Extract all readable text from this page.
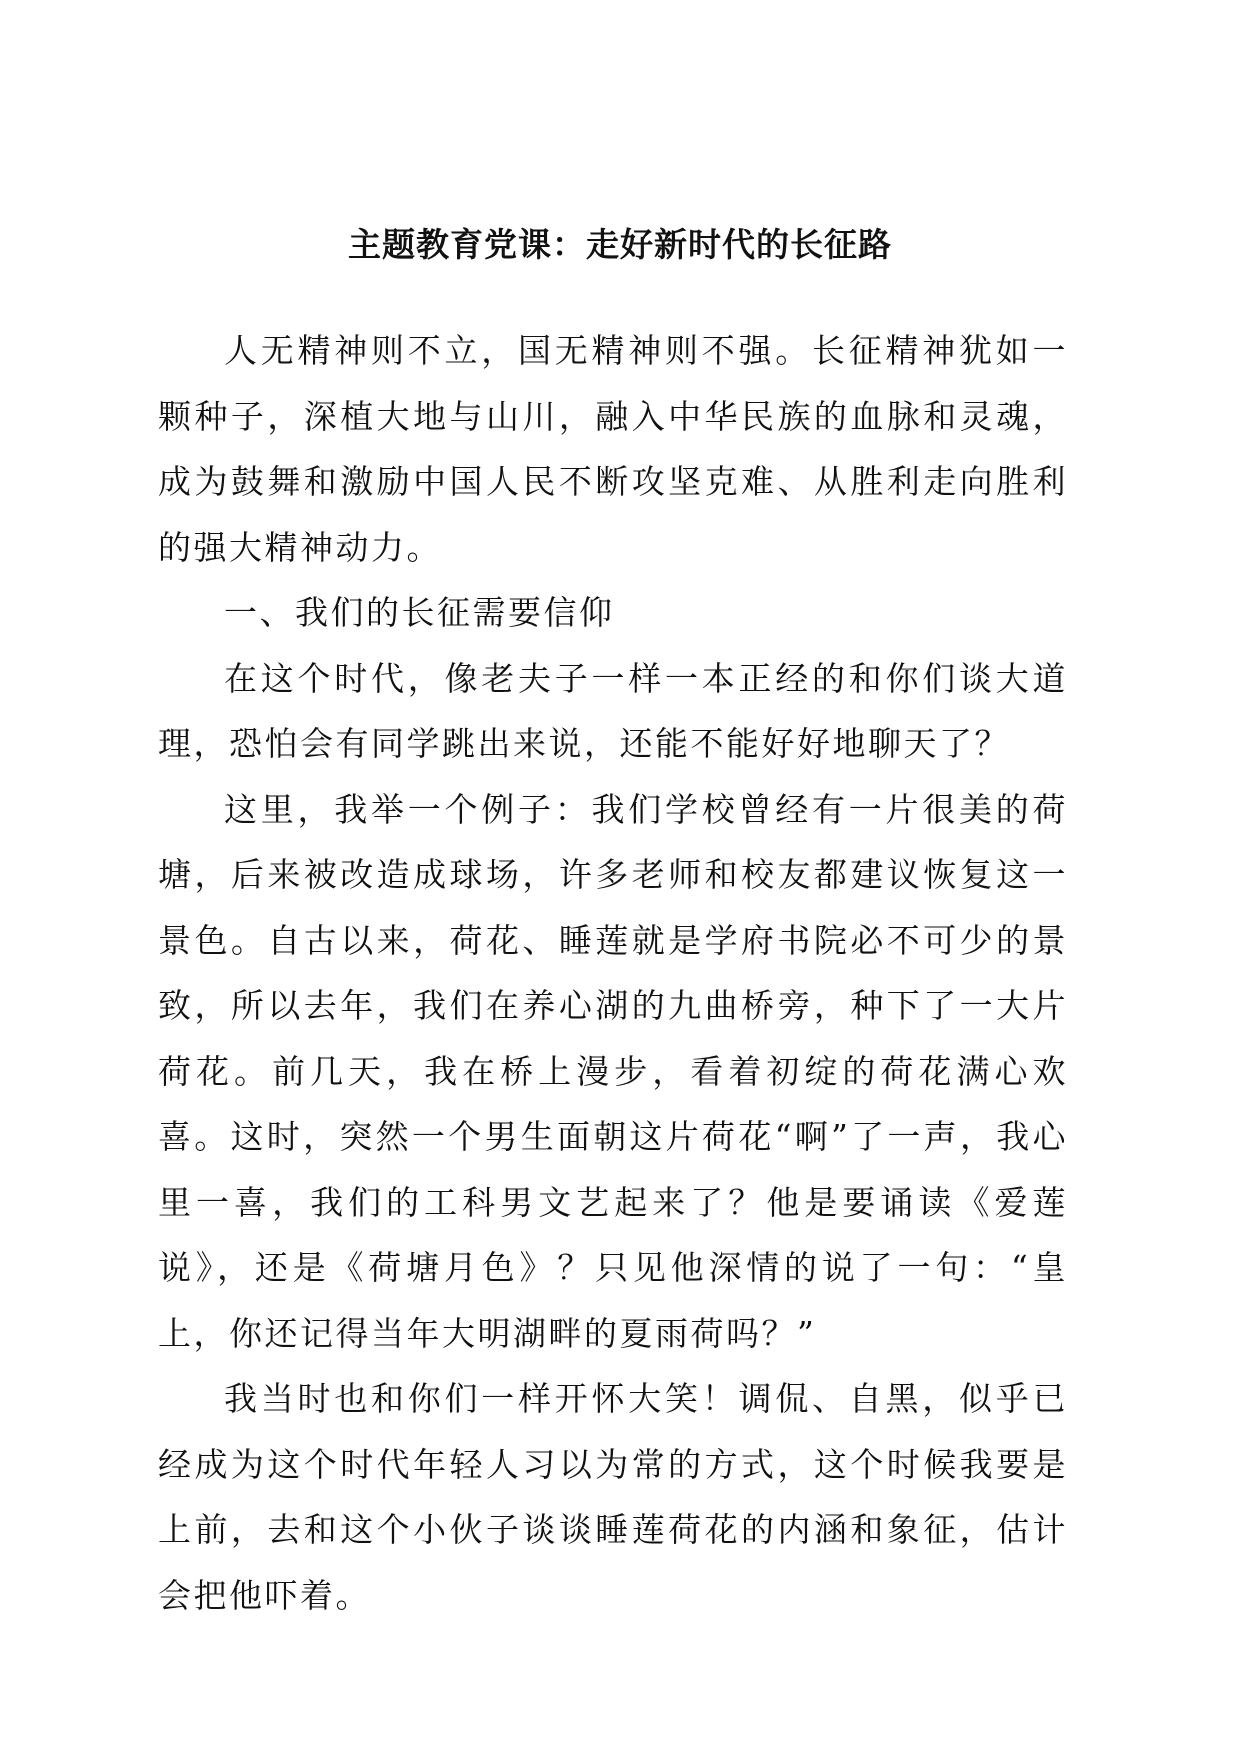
主题教育党课：走好新时代的长征路

人无精神则不立，国无精神则不强。长征精神犹如一颗种子，深植大地与山川，融入中华民族的血脉和灵魂，成为鼓舞和激励中国人民不断攻坚克难、从胜利走向胜利的强大精神动力。

一、我们的长征需要信仰

在这个时代，像老夫子一样一本正经的和你们谈大道理，恐怕会有同学跳出来说，还能不能好好地聊天了？

这里，我举一个例子：我们学校曾经有一片很美的荷塘，后来被改造成球场，许多老师和校友都建议恢复这一景色。自古以来，荷花、睡莲就是学府书院必不可少的景致，所以去年，我们在养心湖的九曲桥旁，种下了一大片荷花。前几天，我在桥上漫步，看着初绽的荷花满心欢喜。这时，突然一个男生面朝这片荷花“啊”了一声，我心里一喜，我们的工科男文艺起来了？他是要诵读《爱莲说》，还是《荷塘月色》？只见他深情的说了一句：“皇上，你还记得当年大明湖畔的夏雨荷吗？”

我当时也和你们一样开怀大笑！调侃、自黑，似乎已经成为这个时代年轻人习以为常的方式，这个时候我要是上前，去和这个小伙子谈谈睡莲荷花的内涵和象征，估计会把他吓着。
